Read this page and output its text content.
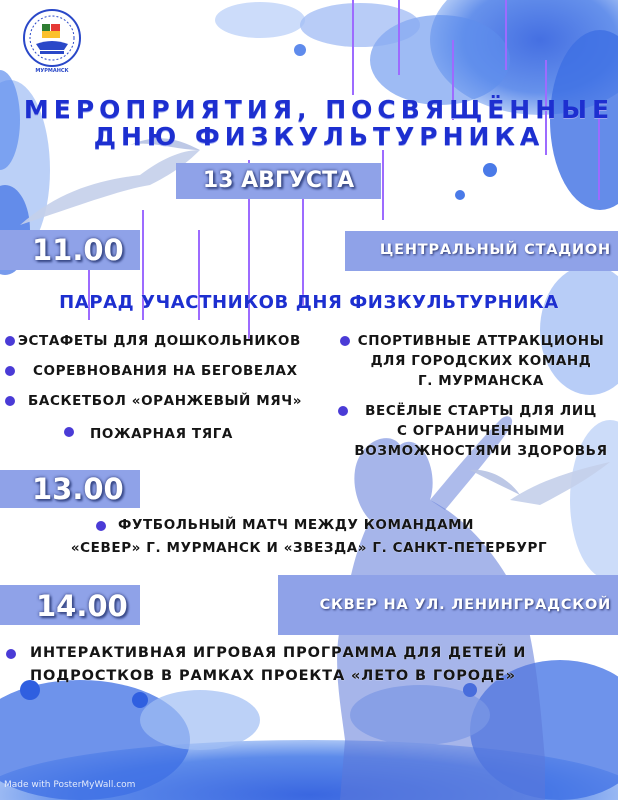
МУРМАНСК
МЕРОПРИЯТИЯ, ПОСВЯЩЁННЫЕ
ДНЮ ФИЗКУЛЬТУРНИКА
13 АВГУСТА
11.00	ЦЕНТРАЛЬНЫЙ СТАДИОН
ПАРАД УЧАСТНИКОВ ДНЯ ФИЗКУЛЬТУРНИКА
ЭСТАФЕТЫ ДЛЯ ДОШКОЛЬНИКОВ
СОРЕВНОВАНИЯ НА БЕГОВЕЛАХ
БАСКЕТБОЛ «ОРАНЖЕВЫЙ МЯЧ»
ПОЖАРНАЯ ТЯГА
СПОРТИВНЫЕ АТТРАКЦИОНЫ
ДЛЯ ГОРОДСКИХ КОМАНД
Г. МУРМАНСКА
ВЕСЁЛЫЕ СТАРТЫ ДЛЯ ЛИЦ
С ОГРАНИЧЕННЫМИ
ВОЗМОЖНОСТЯМИ ЗДОРОВЬЯ
13.00
ФУТБОЛЬНЫЙ МАТЧ МЕЖДУ КОМАНДАМИ
«СЕВЕР» Г. МУРМАНСК И «ЗВЕЗДА» Г. САНКТ-ПЕТЕРБУРГ
14.00	СКВЕР НА УЛ. ЛЕНИНГРАДСКОЙ
ИНТЕРАКТИВНАЯ ИГРОВАЯ ПРОГРАММА ДЛЯ ДЕТЕЙ И
ПОДРОСТКОВ В РАМКАХ ПРОЕКТА «ЛЕТО В ГОРОДЕ»
Made with PosterMyWall.com
